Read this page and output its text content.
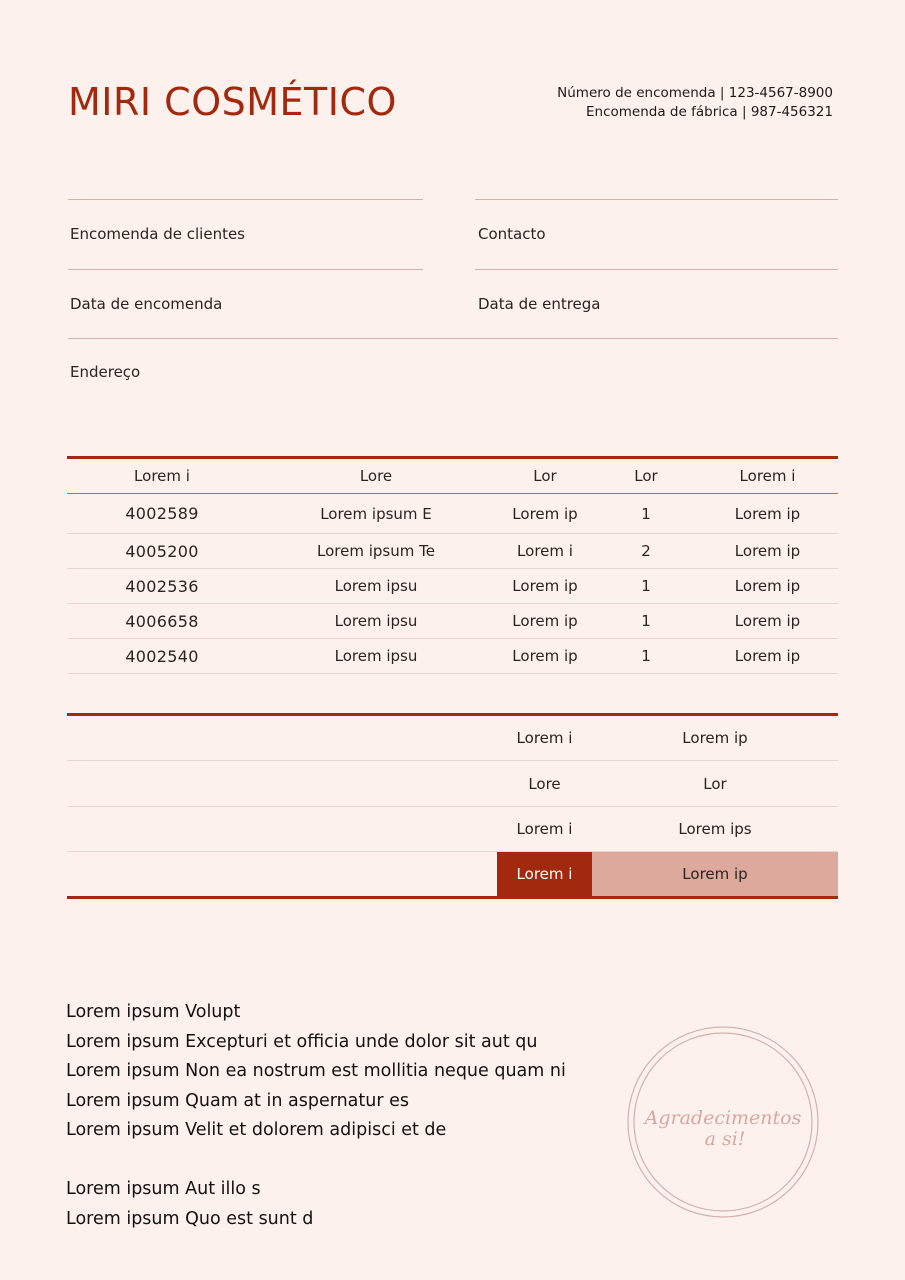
MIRI COSMÉTICO	Número de encomenda | 123-4567-8900
Encomenda de fábrica | 987-456321
Encomenda de clientes	Contacto
Data de encomenda	Data de entrega
Endereço
Lorem i	Lore	Lor	Lor	Lorem i
4002589	Lorem ipsum E	Lorem ip	1	Lorem ip
4005200	Lorem ipsum Te	Lorem i	2	Lorem ip
4002536	Lorem ipsu	Lorem ip	1	Lorem ip
4006658	Lorem ipsu	Lorem ip	1	Lorem ip
4002540	Lorem ipsu	Lorem ip	1	Lorem ip
Lorem i	Lorem ip
Lore	Lor
Lorem i	Lorem ips
Lorem i	Lorem ip
Lorem ipsum Volupt
Lorem ipsum Excepturi et officia unde dolor sit aut qu
Lorem ipsum Non ea nostrum est mollitia neque quam ni
Lorem ipsum Quam at in aspernatur es
Lorem ipsum Velit et dolorem adipisci et de
Lorem ipsum Aut illo s
Lorem ipsum Quo est sunt d
Agradecimentos
a si!
